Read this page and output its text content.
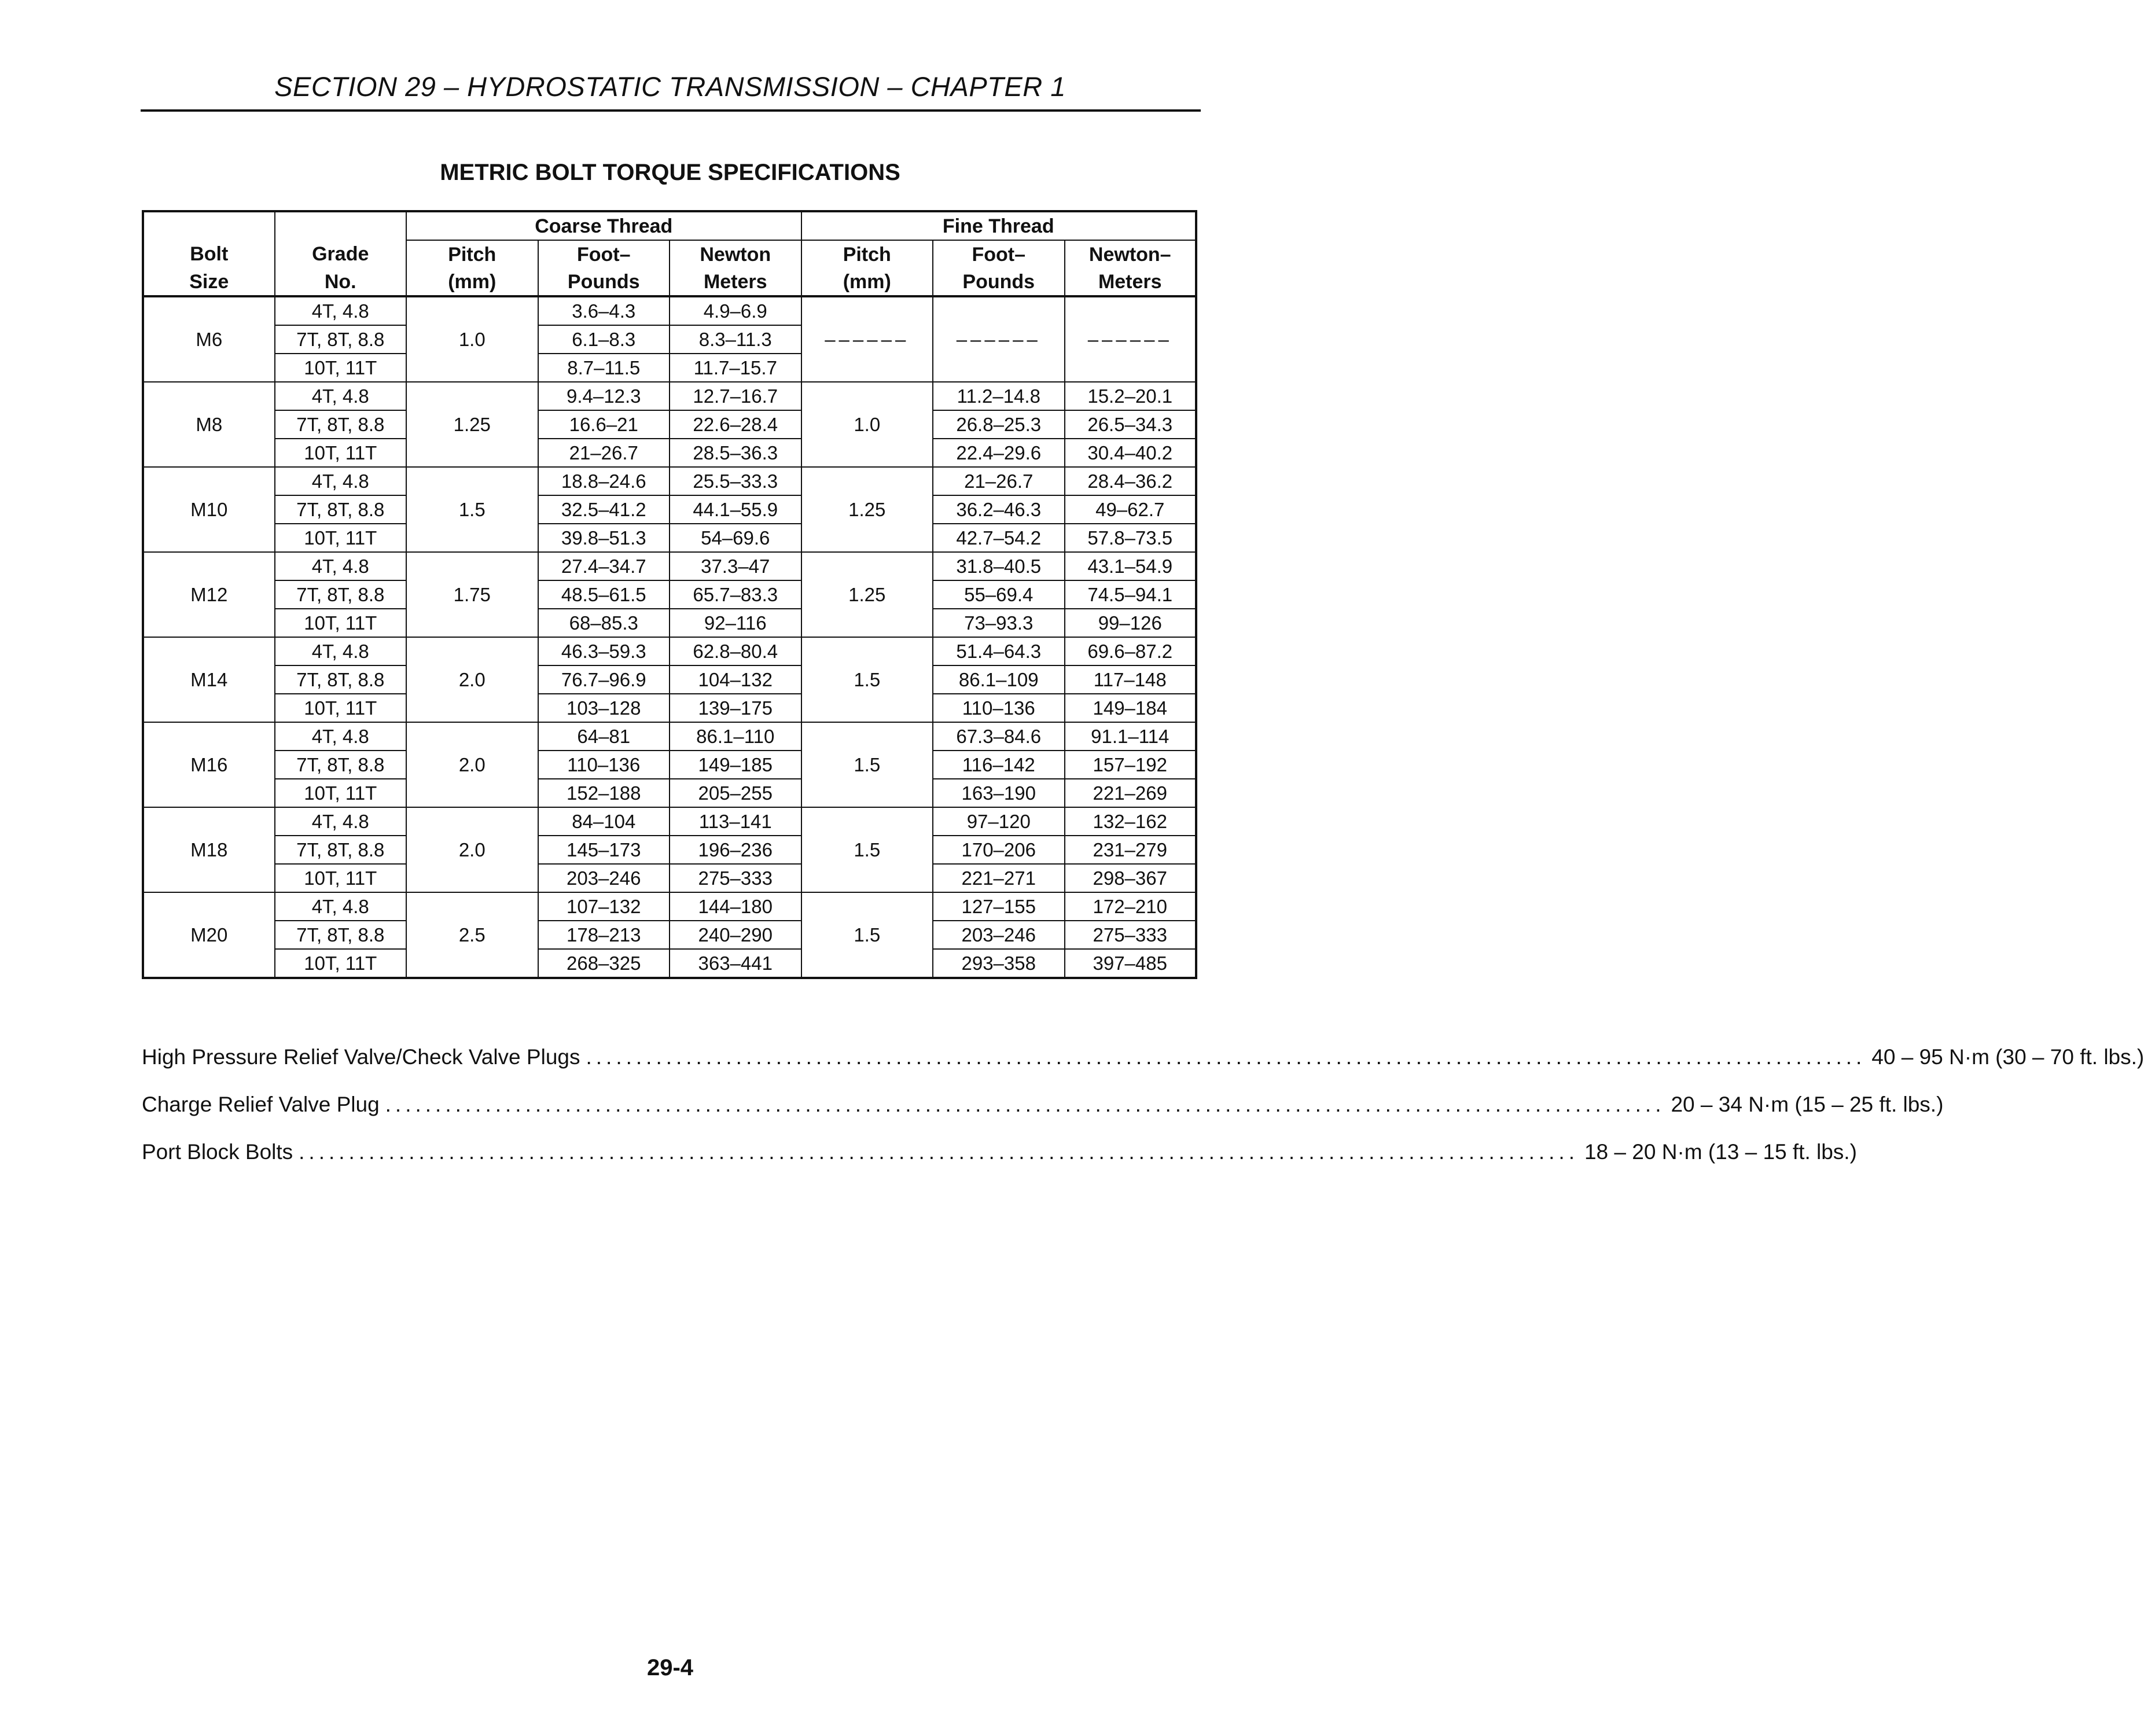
SECTION 29 – HYDROSTATIC TRANSMISSION – CHAPTER 1
METRIC BOLT TORQUE SPECIFICATIONS
		Coarse Thread			Fine Thread		
Bolt	Grade	Pitch	Foot–	Newton	Pitch	Foot–	Newton–
Size	No.	(mm)	Pounds	Meters	(mm)	Pounds	Meters
M6	4T, 4.8	1.0	3.6–4.3	4.9–6.9	––––––	––––––	––––––
	7T, 8T, 8.8		6.1–8.3	8.3–11.3			
	10T, 11T		8.7–11.5	11.7–15.7			
M8	4T, 4.8	1.25	9.4–12.3	12.7–16.7	1.0	11.2–14.8	15.2–20.1
	7T, 8T, 8.8		16.6–21	22.6–28.4		26.8–25.3	26.5–34.3
	10T, 11T		21–26.7	28.5–36.3		22.4–29.6	30.4–40.2
M10	4T, 4.8	1.5	18.8–24.6	25.5–33.3	1.25	21–26.7	28.4–36.2
	7T, 8T, 8.8		32.5–41.2	44.1–55.9		36.2–46.3	49–62.7
	10T, 11T		39.8–51.3	54–69.6		42.7–54.2	57.8–73.5
M12	4T, 4.8	1.75	27.4–34.7	37.3–47	1.25	31.8–40.5	43.1–54.9
	7T, 8T, 8.8		48.5–61.5	65.7–83.3		55–69.4	74.5–94.1
	10T, 11T		68–85.3	92–116		73–93.3	99–126
M14	4T, 4.8	2.0	46.3–59.3	62.8–80.4	1.5	51.4–64.3	69.6–87.2
	7T, 8T, 8.8		76.7–96.9	104–132		86.1–109	117–148
	10T, 11T		103–128	139–175		110–136	149–184
M16	4T, 4.8	2.0	64–81	86.1–110	1.5	67.3–84.6	91.1–114
	7T, 8T, 8.8		110–136	149–185		116–142	157–192
	10T, 11T		152–188	205–255		163–190	221–269
M18	4T, 4.8	2.0	84–104	113–141	1.5	97–120	132–162
	7T, 8T, 8.8		145–173	196–236		170–206	231–279
	10T, 11T		203–246	275–333		221–271	298–367
M20	4T, 4.8	2.5	107–132	144–180	1.5	127–155	172–210
	7T, 8T, 8.8		178–213	240–290		203–246	275–333
	10T, 11T		268–325	363–441		293–358	397–485
High Pressure Relief Valve/Check Valve Plugs ................................................................................................................................ 40 – 95 N·m (30 – 70 ft. lbs.)
Charge Relief Valve Plug ................................................................................................................................ 20 – 34 N·m (15 – 25 ft. lbs.)
Port Block Bolts ................................................................................................................................ 18 – 20 N·m (13 – 15 ft. lbs.)
29-4
